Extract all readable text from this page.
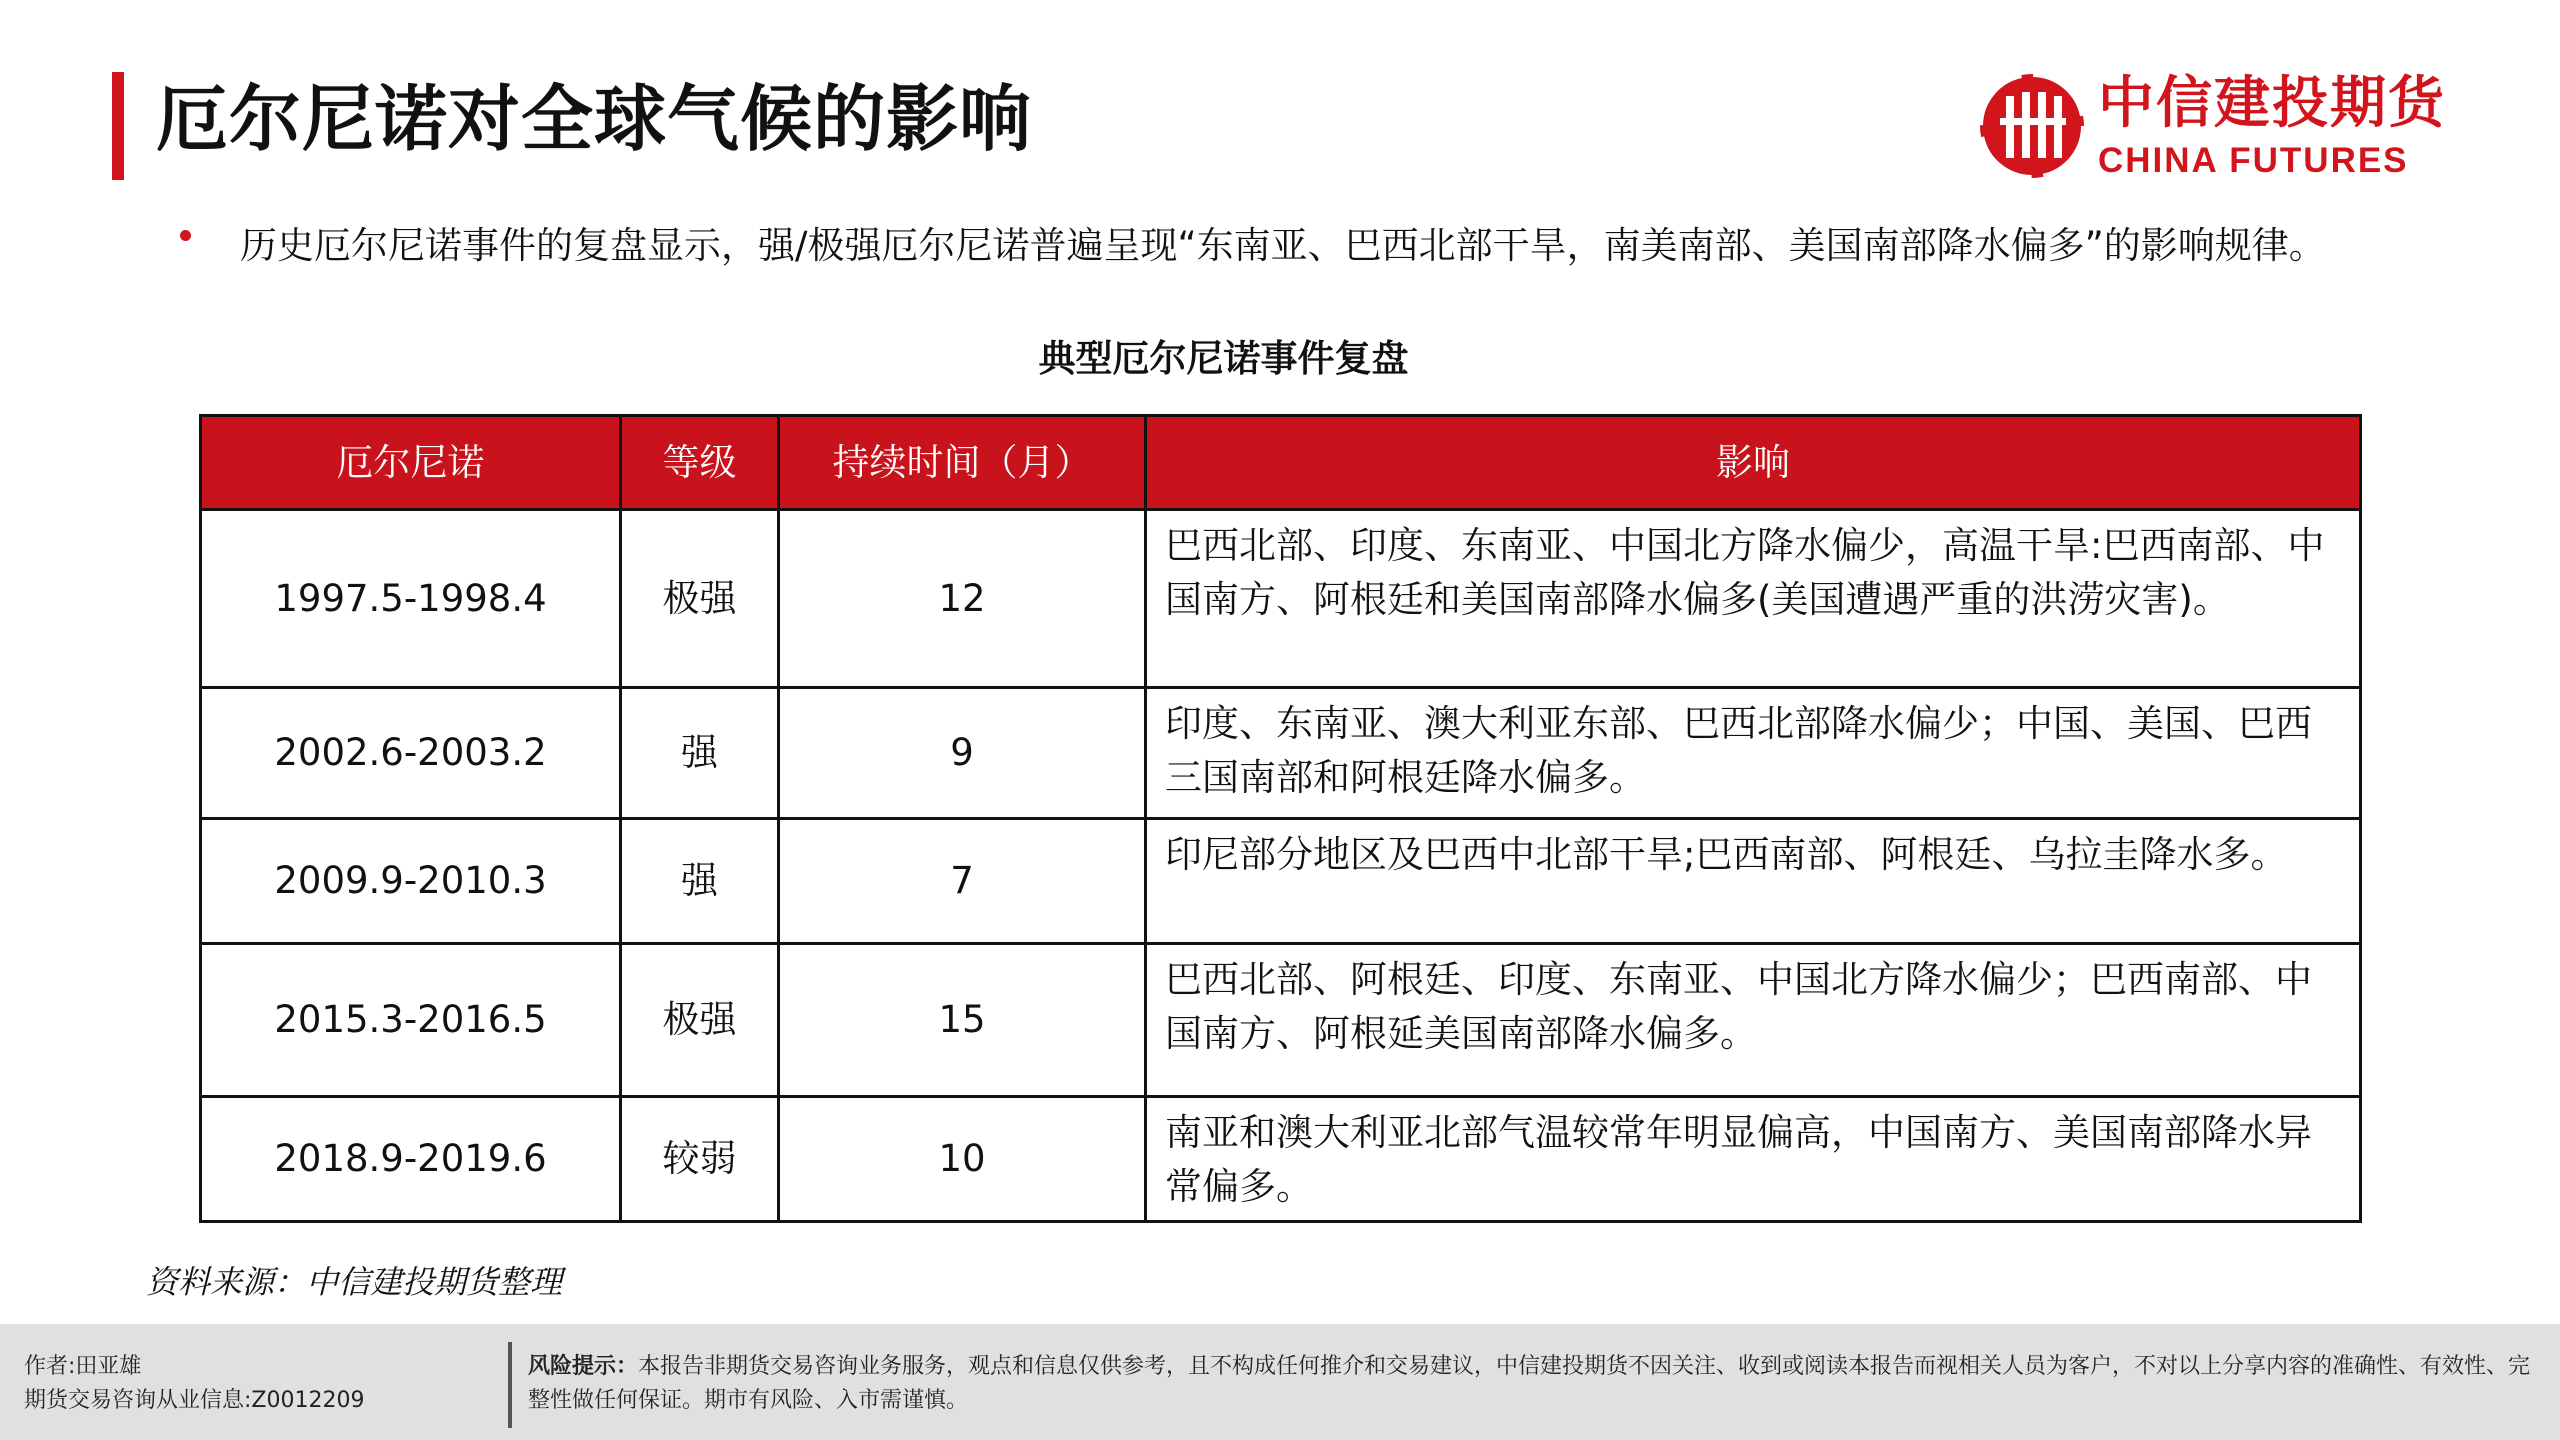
厄尔尼诺对全球气候的影响	中信建投期货
CHINA FUTURES

历史厄尔尼诺事件的复盘显示，强/极强厄尔尼诺普遍呈现“东南亚、巴西北部干旱，南美南部、美国南部降水偏多”的影响规律。

典型厄尔尼诺事件复盘
厄尔尼诺	等级	持续时间（月）	影响
1997.5-1998.4	极强	12	巴西北部、印度、东南亚、中国北方降水偏少，高温干旱:巴西南部、中国南方、阿根廷和美国南部降水偏多(美国遭遇严重的洪涝灾害)。
2002.6-2003.2	强	9	印度、东南亚、澳大利亚东部、巴西北部降水偏少；中国、美国、巴西三国南部和阿根廷降水偏多。
2009.9-2010.3	强	7	印尼部分地区及巴西中北部干旱;巴西南部、阿根廷、乌拉圭降水多。
2015.3-2016.5	极强	15	巴西北部、阿根廷、印度、东南亚、中国北方降水偏少；巴西南部、中国南方、阿根延美国南部降水偏多。
2018.9-2019.6	较弱	10	南亚和澳大利亚北部气温较常年明显偏高，中国南方、美国南部降水异常偏多。

资料来源：中信建投期货整理

作者:田亚雄
期货交易咨询从业信息:Z0012209
风险提示：本报告非期货交易咨询业务服务，观点和信息仅供参考，且不构成任何推介和交易建议，中信建投期货不因关注、收到或阅读本报告而视相关人员为客户，不对以上分享内容的准确性、有效性、完整性做任何保证。期市有风险、入市需谨慎。
